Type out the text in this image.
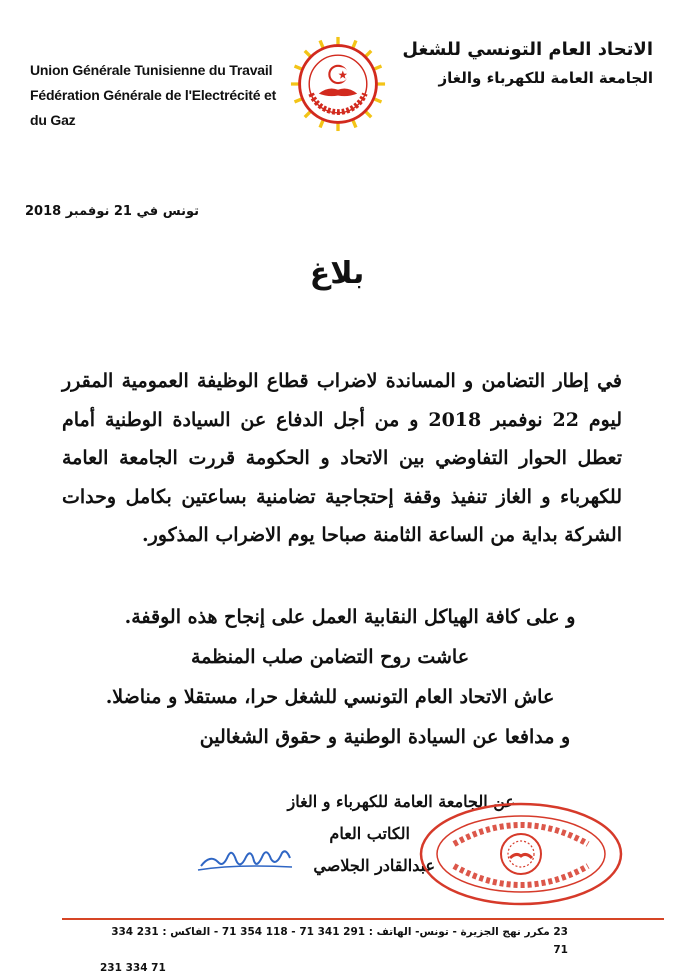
Union Générale Tunisienne du Travail
Fédération Générale de l'Electrécité et du Gaz
الاتحاد العام التونسي للشغل
الجامعة العامة للكهرباء والغاز
تونس في 21 نوفمبر 2018
بلاغ
في إطار التضامن و المساندة لاضراب قطاع الوظيفة العمومية المقرر ليوم 22 نوفمبر 2018 و من أجل الدفاع عن السيادة الوطنية أمام تعطل الحوار التفاوضي بين الاتحاد و الحكومة قررت الجامعة العامة للكهرباء و الغاز تنفيذ وقفة إحتجاجية تضامنية بساعتين بكامل وحدات الشركة بداية من الساعة الثامنة صباحا يوم الاضراب المذكور.
و على كافة الهياكل النقابية العمل على إنجاح هذه الوقفة.
عاشت روح التضامن صلب المنظمة
عاش الاتحاد العام التونسي للشغل حرا، مستقلا و مناضلا.
و مدافعا عن السيادة الوطنية و حقوق الشغالين
عن الجامعة العامة للكهرباء و الغاز
الكاتب العام
عبدالقادر الجلاصي
23 مكرر نهج الجزيرة - تونس- الهاتف : 291 341 71 - 118 354 71 - الفاكس : 231 334 71
71 334 231
